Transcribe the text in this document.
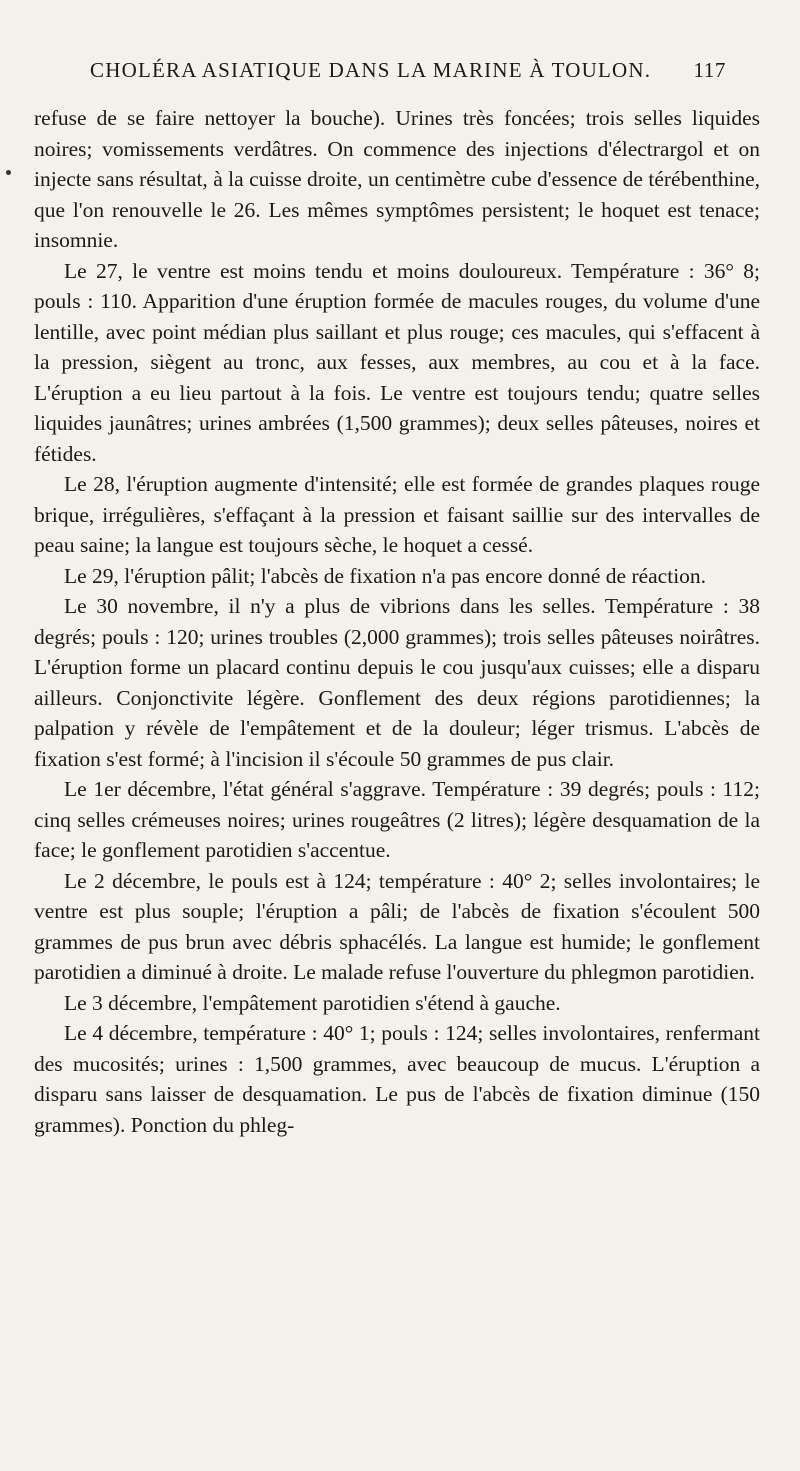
CHOLÉRA ASIATIQUE DANS LA MARINE À TOULON. 117

refuse de se faire nettoyer la bouche). Urines très foncées; trois selles liquides noires; vomissements verdâtres. On commence des injections d'électrargol et on injecte sans résultat, à la cuisse droite, un centimètre cube d'essence de térébenthine, que l'on renouvelle le 26. Les mêmes symptômes persistent; le hoquet est tenace; insomnie.

Le 27, le ventre est moins tendu et moins douloureux. Température : 36° 8; pouls : 110. Apparition d'une éruption formée de macules rouges, du volume d'une lentille, avec point médian plus saillant et plus rouge; ces macules, qui s'effacent à la pression, siègent au tronc, aux fesses, aux membres, au cou et à la face. L'éruption a eu lieu partout à la fois. Le ventre est toujours tendu; quatre selles liquides jaunâtres; urines ambrées (1,500 grammes); deux selles pâteuses, noires et fétides.

Le 28, l'éruption augmente d'intensité; elle est formée de grandes plaques rouge brique, irrégulières, s'effaçant à la pression et faisant saillie sur des intervalles de peau saine; la langue est toujours sèche, le hoquet a cessé.

Le 29, l'éruption pâlit; l'abcès de fixation n'a pas encore donné de réaction.

Le 30 novembre, il n'y a plus de vibrions dans les selles. Température : 38 degrés; pouls : 120; urines troubles (2,000 grammes); trois selles pâteuses noirâtres. L'éruption forme un placard continu depuis le cou jusqu'aux cuisses; elle a disparu ailleurs. Conjonctivite légère. Gonflement des deux régions parotidiennes; la palpation y révèle de l'empâtement et de la douleur; léger trismus. L'abcès de fixation s'est formé; à l'incision il s'écoule 50 grammes de pus clair.

Le 1er décembre, l'état général s'aggrave. Température : 39 degrés; pouls : 112; cinq selles crémeuses noires; urines rougeâtres (2 litres); légère desquamation de la face; le gonflement parotidien s'accentue.

Le 2 décembre, le pouls est à 124; température : 40° 2; selles involontaires; le ventre est plus souple; l'éruption a pâli; de l'abcès de fixation s'écoulent 500 grammes de pus brun avec débris sphacélés. La langue est humide; le gonflement parotidien a diminué à droite. Le malade refuse l'ouverture du phlegmon parotidien.

Le 3 décembre, l'empâtement parotidien s'étend à gauche.

Le 4 décembre, température : 40° 1; pouls : 124; selles involontaires, renfermant des mucosités; urines : 1,500 grammes, avec beaucoup de mucus. L'éruption a disparu sans laisser de desquamation. Le pus de l'abcès de fixation diminue (150 grammes). Ponction du phleg-
